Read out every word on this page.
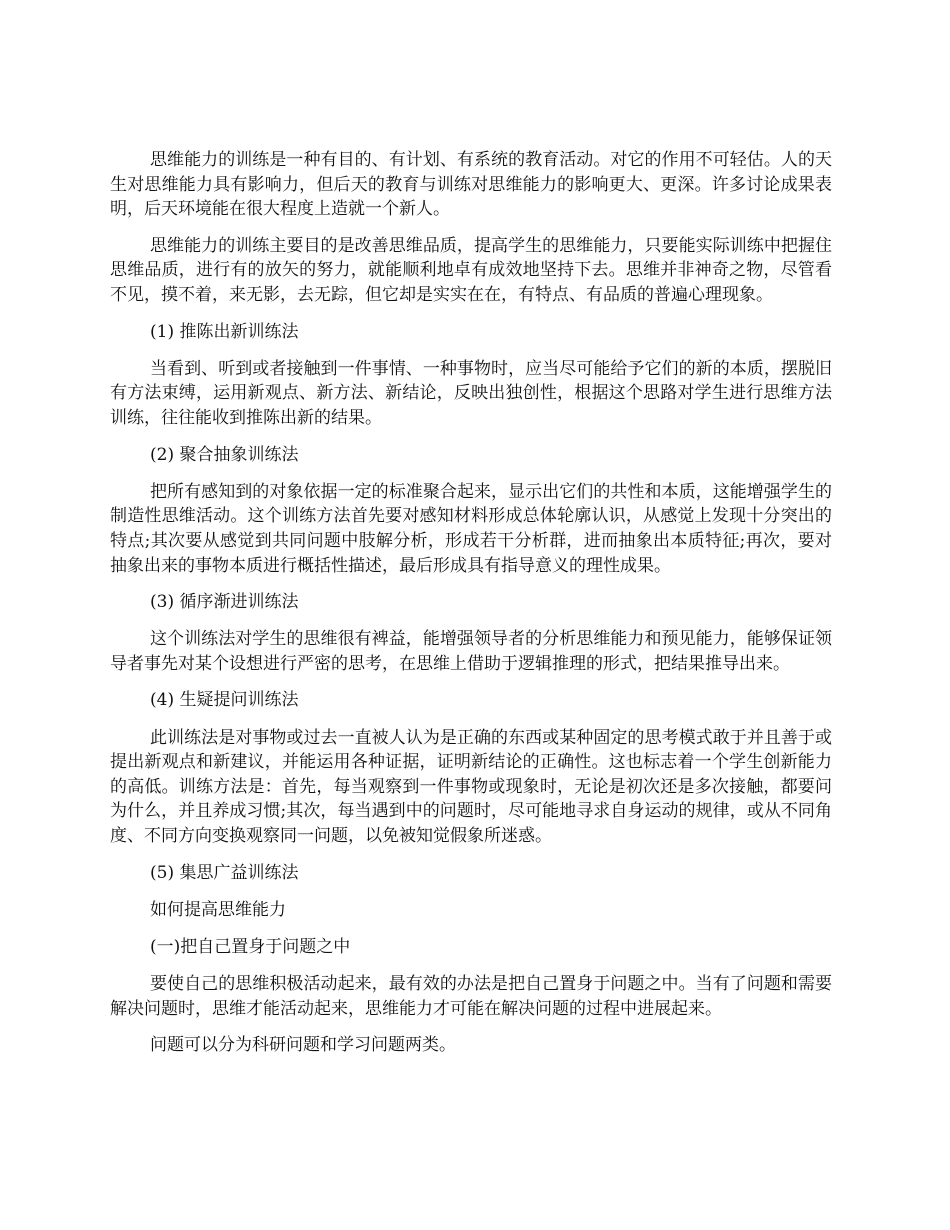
思维能力的训练是一种有目的、有计划、有系统的教育活动。对它的作用不可轻估。人的天生对思维能力具有影响力，但后天的教育与训练对思维能力的影响更大、更深。许多讨论成果表明，后天环境能在很大程度上造就一个新人。

思维能力的训练主要目的是改善思维品质，提高学生的思维能力，只要能实际训练中把握住思维品质，进行有的放矢的努力，就能顺利地卓有成效地坚持下去。思维并非神奇之物，尽管看不见，摸不着，来无影，去无踪，但它却是实实在在，有特点、有品质的普遍心理现象。

(1) 推陈出新训练法

当看到、听到或者接触到一件事情、一种事物时，应当尽可能给予它们的新的本质，摆脱旧有方法束缚，运用新观点、新方法、新结论，反映出独创性，根据这个思路对学生进行思维方法训练，往往能收到推陈出新的结果。

(2) 聚合抽象训练法

把所有感知到的对象依据一定的标准聚合起来，显示出它们的共性和本质，这能增强学生的制造性思维活动。这个训练方法首先要对感知材料形成总体轮廓认识，从感觉上发现十分突出的特点;其次要从感觉到共同问题中肢解分析，形成若干分析群，进而抽象出本质特征;再次，要对抽象出来的事物本质进行概括性描述，最后形成具有指导意义的理性成果。

(3) 循序渐进训练法

这个训练法对学生的思维很有裨益，能增强领导者的分析思维能力和预见能力，能够保证领导者事先对某个设想进行严密的思考，在思维上借助于逻辑推理的形式，把结果推导出来。

(4) 生疑提问训练法

此训练法是对事物或过去一直被人认为是正确的东西或某种固定的思考模式敢于并且善于或提出新观点和新建议，并能运用各种证据，证明新结论的正确性。这也标志着一个学生创新能力的高低。训练方法是：首先，每当观察到一件事物或现象时，无论是初次还是多次接触，都要问为什么，并且养成习惯;其次，每当遇到中的问题时，尽可能地寻求自身运动的规律，或从不同角度、不同方向变换观察同一问题，以免被知觉假象所迷惑。

(5) 集思广益训练法

如何提高思维能力

(一)把自己置身于问题之中

要使自己的思维积极活动起来，最有效的办法是把自己置身于问题之中。当有了问题和需要解决问题时，思维才能活动起来，思维能力才可能在解决问题的过程中进展起来。

问题可以分为科研问题和学习问题两类。
